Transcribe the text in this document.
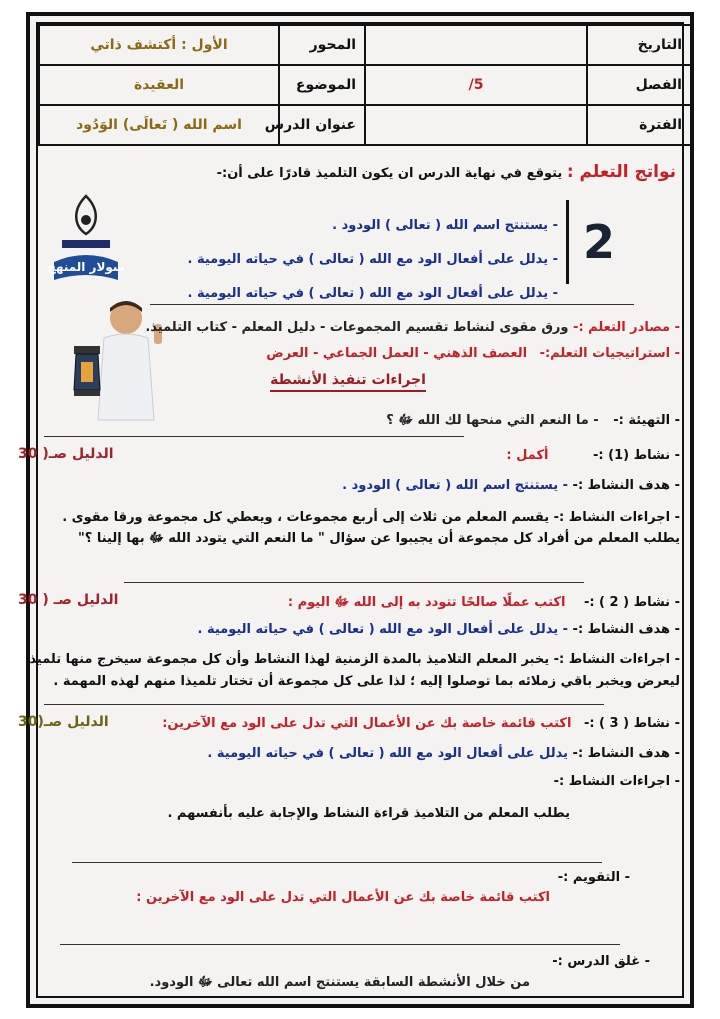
التاريخ		المحور	الأول : أكتشف ذاتي
الفصل	5/	الموضوع	العقيدة
الفترة		عنوان الدرس	اسم الله ( تَعالَى) الوَدُود
نواتج التعلم : يتوقع في نهاية الدرس ان يكون التلميذ قادرًا على أن:-
- يستنتج اسم الله ( تعالى ) الودود .
- يدلل على أفعال الود مع الله ( تعالى ) في حياته اليومية .
- يدلل على أفعال الود مع الله ( تعالى ) في حياته اليومية .
2
سولار المنهج
- مصادر التعلم :- ورق مقوى لنشاط تقسيم المجموعات - دليل المعلم - كتاب التلميذ.
- استراتيجيات التعلم:- العصف الذهني - العمل الجماعي - العرض
اجراءات تنفيذ الأنشطة
- التهيئة :- - ما النعم التي منحها لك الله ﷻ ؟
- نشاط (1) :- أكمل :
الدليل صـ( 30
- هدف النشاط :- - يستنتج اسم الله ( تعالى ) الودود .
- اجراءات النشاط :- يقسم المعلم من ثلاث إلى أربع مجموعات ، ويعطي كل مجموعة ورقا مقوى .
يطلب المعلم من أفراد كل مجموعة أن يجيبوا عن سؤال " ما النعم التي يتودد الله ﷻ بها إلينا ؟"
- نشاط ( 2 ) :- اكتب عملًا صالحًا تتودد به إلى الله ﷻ اليوم :
الدليل صـ ( 30
- هدف النشاط :- - يدلل على أفعال الود مع الله ( تعالى ) في حياته اليومية .
- اجراءات النشاط :- يخبر المعلم التلاميذ بالمدة الزمنية لهذا النشاط وأن كل مجموعة سيخرج منها تلميذ
ليعرض ويخبر باقي زملائه بما توصلوا إليه ؛ لذا على كل مجموعة أن تختار تلميذا منهم لهذه المهمة .
- نشاط ( 3 ) :- اكتب قائمة خاصة بك عن الأعمال التي تدل على الود مع الآخرين:
الدليل صـ(30
- هدف النشاط :- يدلل على أفعال الود مع الله ( تعالى ) في حياته اليومية .
- اجراءات النشاط :-
يطلب المعلم من التلاميذ قراءة النشاط والإجابة عليه بأنفسهم .
- التقويم :-
اكتب قائمة خاصة بك عن الأعمال التي تدل على الود مع الآخرين :
- غلق الدرس :-
من خلال الأنشطة السابقة يستنتج اسم الله تعالى ﷻ الودود.
